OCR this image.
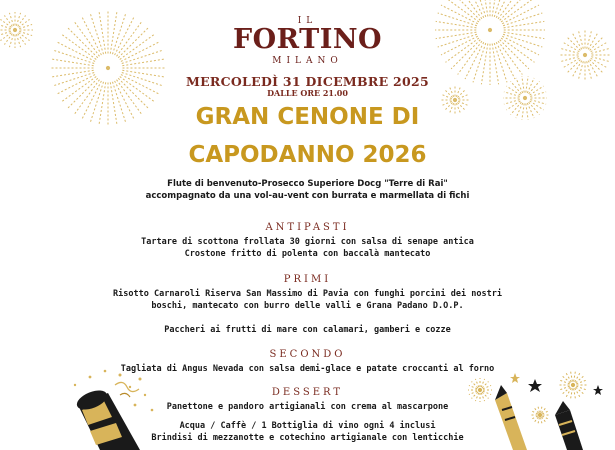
IL
FORTINO
MILANO
MERCOLEDÌ 31 DICEMBRE 2025
DALLE ORE 21.00
GRAN CENONE DI
CAPODANNO 2026
Flute di benvenuto-Prosecco Superiore Docg "Terre di Rai"
accompagnato da una vol-au-vent con burrata e marmellata di fichi
ANTIPASTI
Tartare di scottona frollata 30 giorni con salsa di senape antica
Crostone fritto di polenta con baccalà mantecato
PRIMI
Risotto Carnaroli Riserva San Massimo di Pavia con funghi porcini dei nostri
boschi, mantecato con burro delle valli e Grana Padano D.O.P.
Paccheri ai frutti di mare con calamari, gamberi e cozze
SECONDO
Tagliata di Angus Nevada con salsa demi-glace e patate croccanti al forno
DESSERT
Panettone e pandoro artigianali con crema al mascarpone
Acqua / Caffè / 1 Bottiglia di vino ogni 4 inclusi
Brindisi di mezzanotte e cotechino artigianale con lenticchie
